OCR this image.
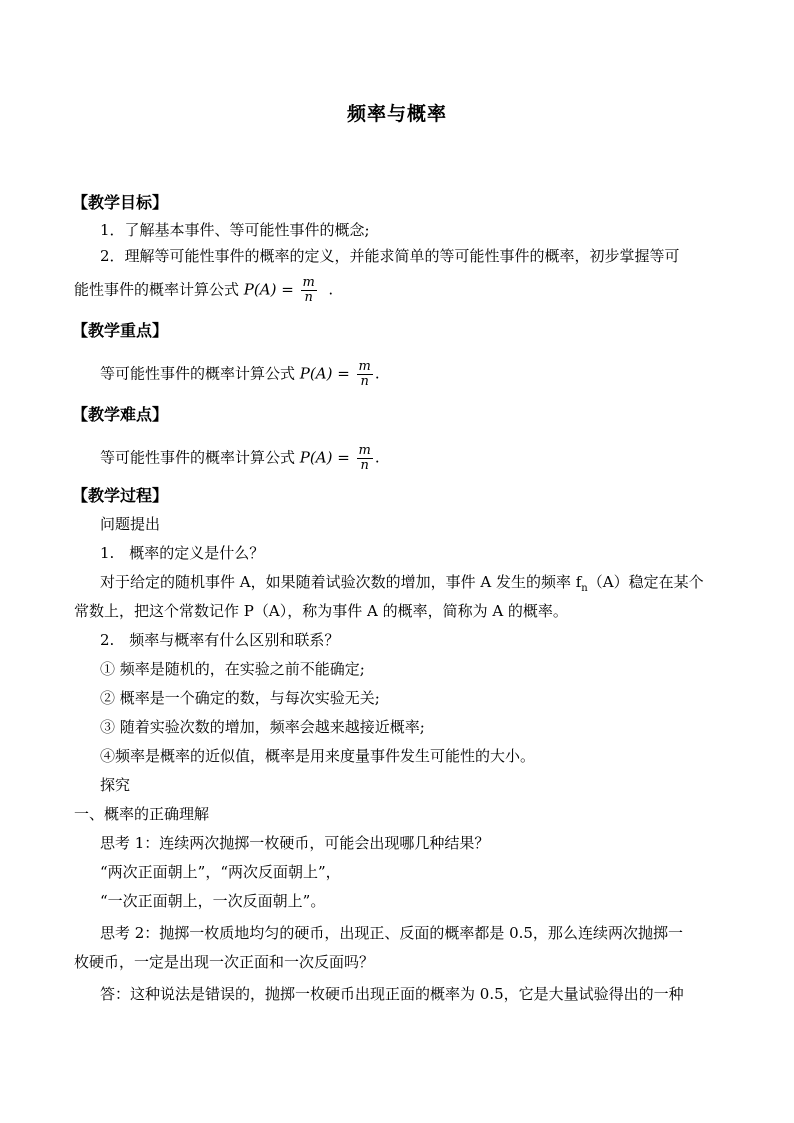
频率与概率
【教学目标】
1．了解基本事件、等可能性事件的概念;
2．理解等可能性事件的概率的定义，并能求简单的等可能性事件的概率，初步掌握等可
能性事件的概率计算公式 $P(A) = \frac{m}{n}$ .
【教学重点】
等可能性事件的概率计算公式 $P(A) = \frac{m}{n}$ .
【教学难点】
等可能性事件的概率计算公式 $P(A) = \frac{m}{n}$ .
【教学过程】
问题提出
1.　概率的定义是什么？
对于给定的随机事件 A，如果随着试验次数的增加，事件 A 发生的频率 $f_n(A)$稳定在某个
常数上，把这个常数记作 P（A），称为事件 A 的概率，简称为 A 的概率。
2.　频率与概率有什么区别和联系？
① 频率是随机的，在实验之前不能确定;
② 概率是一个确定的数，与每次实验无关;
③ 随着实验次数的增加，频率会越来越接近概率;
④频率是概率的近似值，概率是用来度量事件发生可能性的大小。
探究
一、概率的正确理解
思考 1：连续两次抛掷一枚硬币，可能会出现哪几种结果？
“两次正面朝上”，“两次反面朝上”，
“一次正面朝上，一次反面朝上”。
思考 2：抛掷一枚质地均匀的硬币，出现正、反面的概率都是 0.5，那么连续两次抛掷一
枚硬币，一定是出现一次正面和一次反面吗？
答：这种说法是错误的，抛掷一枚硬币出现正面的概率为 0.5，它是大量试验得出的一种
